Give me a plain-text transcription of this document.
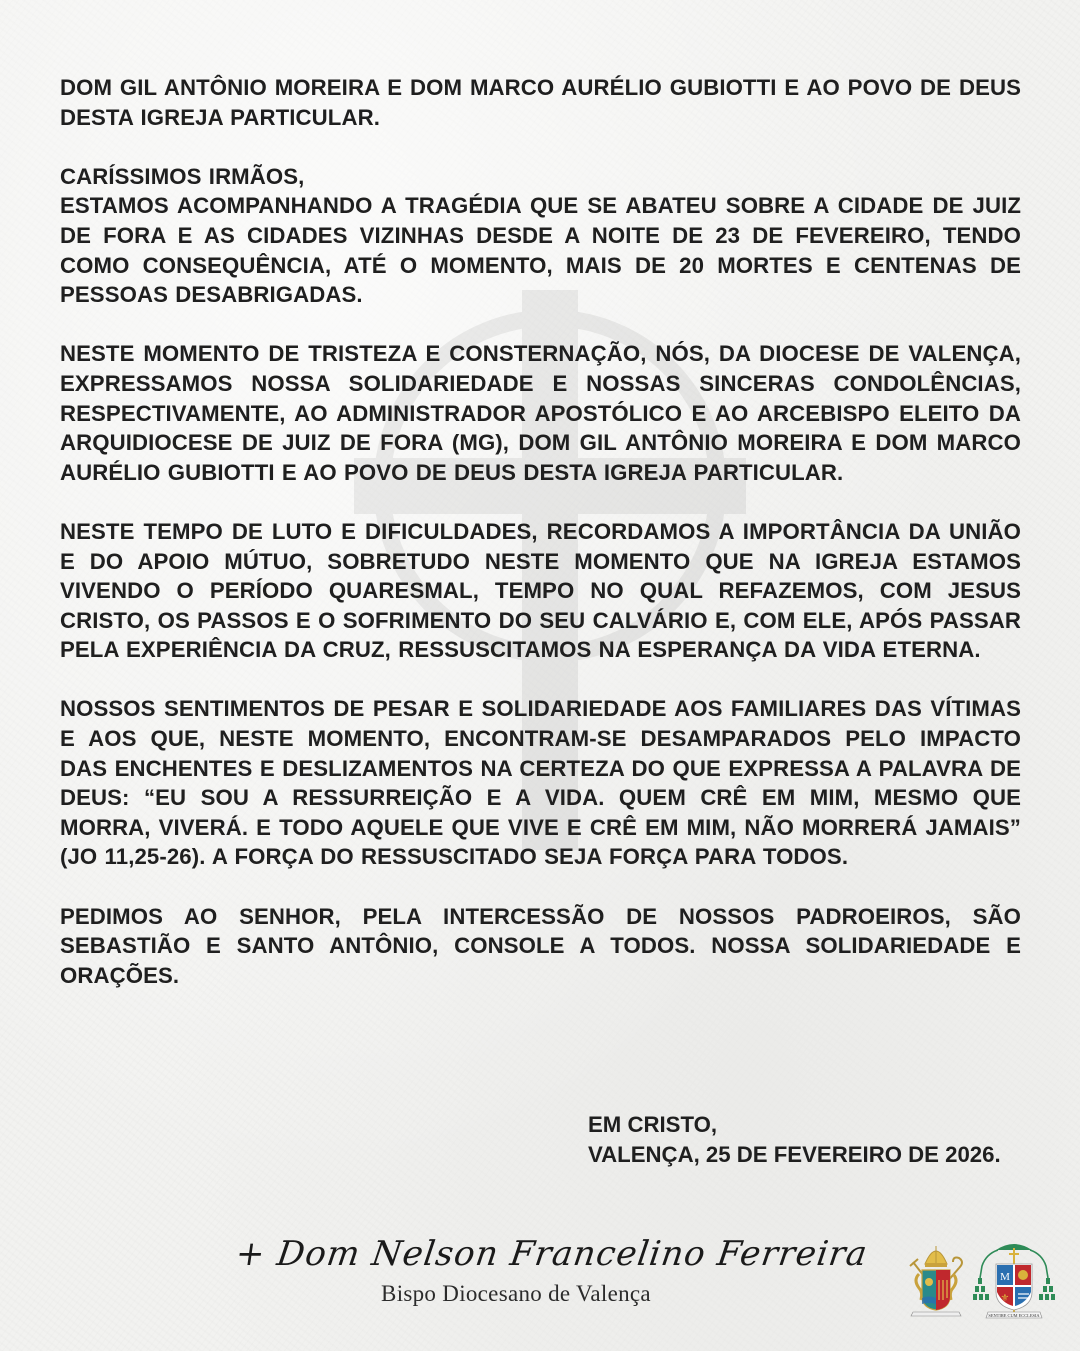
DOM GIL ANTÔNIO MOREIRA E DOM MARCO AURÉLIO GUBIOTTI E AO POVO DE DEUS DESTA IGREJA PARTICULAR.

CARÍSSIMOS IRMÃOS,

ESTAMOS ACOMPANHANDO A TRAGÉDIA QUE SE ABATEU SOBRE A CIDADE DE JUIZ DE FORA E AS CIDADES VIZINHAS DESDE A NOITE DE 23 DE FEVEREIRO, TENDO COMO CONSEQUÊNCIA, ATÉ O MOMENTO, MAIS DE 20 MORTES E CENTENAS DE PESSOAS DESABRIGADAS.

NESTE MOMENTO DE TRISTEZA E CONSTERNAÇÃO, NÓS, DA DIOCESE DE VALENÇA, EXPRESSAMOS NOSSA SOLIDARIEDADE E NOSSAS SINCERAS CONDOLÊNCIAS, RESPECTIVAMENTE, AO ADMINISTRADOR APOSTÓLICO E AO ARCEBISPO ELEITO DA ARQUIDIOCESE DE JUIZ DE FORA (MG), DOM GIL ANTÔNIO MOREIRA E DOM MARCO AURÉLIO GUBIOTTI E AO POVO DE DEUS DESTA IGREJA PARTICULAR.

NESTE TEMPO DE LUTO E DIFICULDADES, RECORDAMOS A IMPORTÂNCIA DA UNIÃO E DO APOIO MÚTUO, SOBRETUDO NESTE MOMENTO QUE NA IGREJA ESTAMOS VIVENDO O PERÍODO QUARESMAL, TEMPO NO QUAL REFAZEMOS, COM JESUS CRISTO, OS PASSOS E O SOFRIMENTO DO SEU CALVÁRIO E, COM ELE, APÓS PASSAR PELA EXPERIÊNCIA DA CRUZ, RESSUSCITAMOS NA ESPERANÇA DA VIDA ETERNA.

NOSSOS SENTIMENTOS DE PESAR E SOLIDARIEDADE AOS FAMILIARES DAS VÍTIMAS E AOS QUE, NESTE MOMENTO, ENCONTRAM-SE DESAMPARADOS PELO IMPACTO DAS ENCHENTES E DESLIZAMENTOS NA CERTEZA DO QUE EXPRESSA A PALAVRA DE DEUS: “EU SOU A RESSURREIÇÃO E A VIDA. QUEM CRÊ EM MIM, MESMO QUE MORRA, VIVERÁ. E TODO AQUELE QUE VIVE E CRÊ EM MIM, NÃO MORRERÁ JAMAIS” (JO 11,25-26). A FORÇA DO RESSUSCITADO SEJA FORÇA PARA TODOS.

PEDIMOS AO SENHOR, PELA INTERCESSÃO DE NOSSOS PADROEIROS, SÃO SEBASTIÃO E SANTO ANTÔNIO, CONSOLE A TODOS. NOSSA SOLIDARIEDADE E ORAÇÕES.

EM CRISTO,
VALENÇA, 25 DE FEVEREIRO DE 2026.
+ Dom Nelson Francelino Ferreira
Bispo Diocesano de Valença
M
⚜
SENTIRE CUM ECCLESIA
